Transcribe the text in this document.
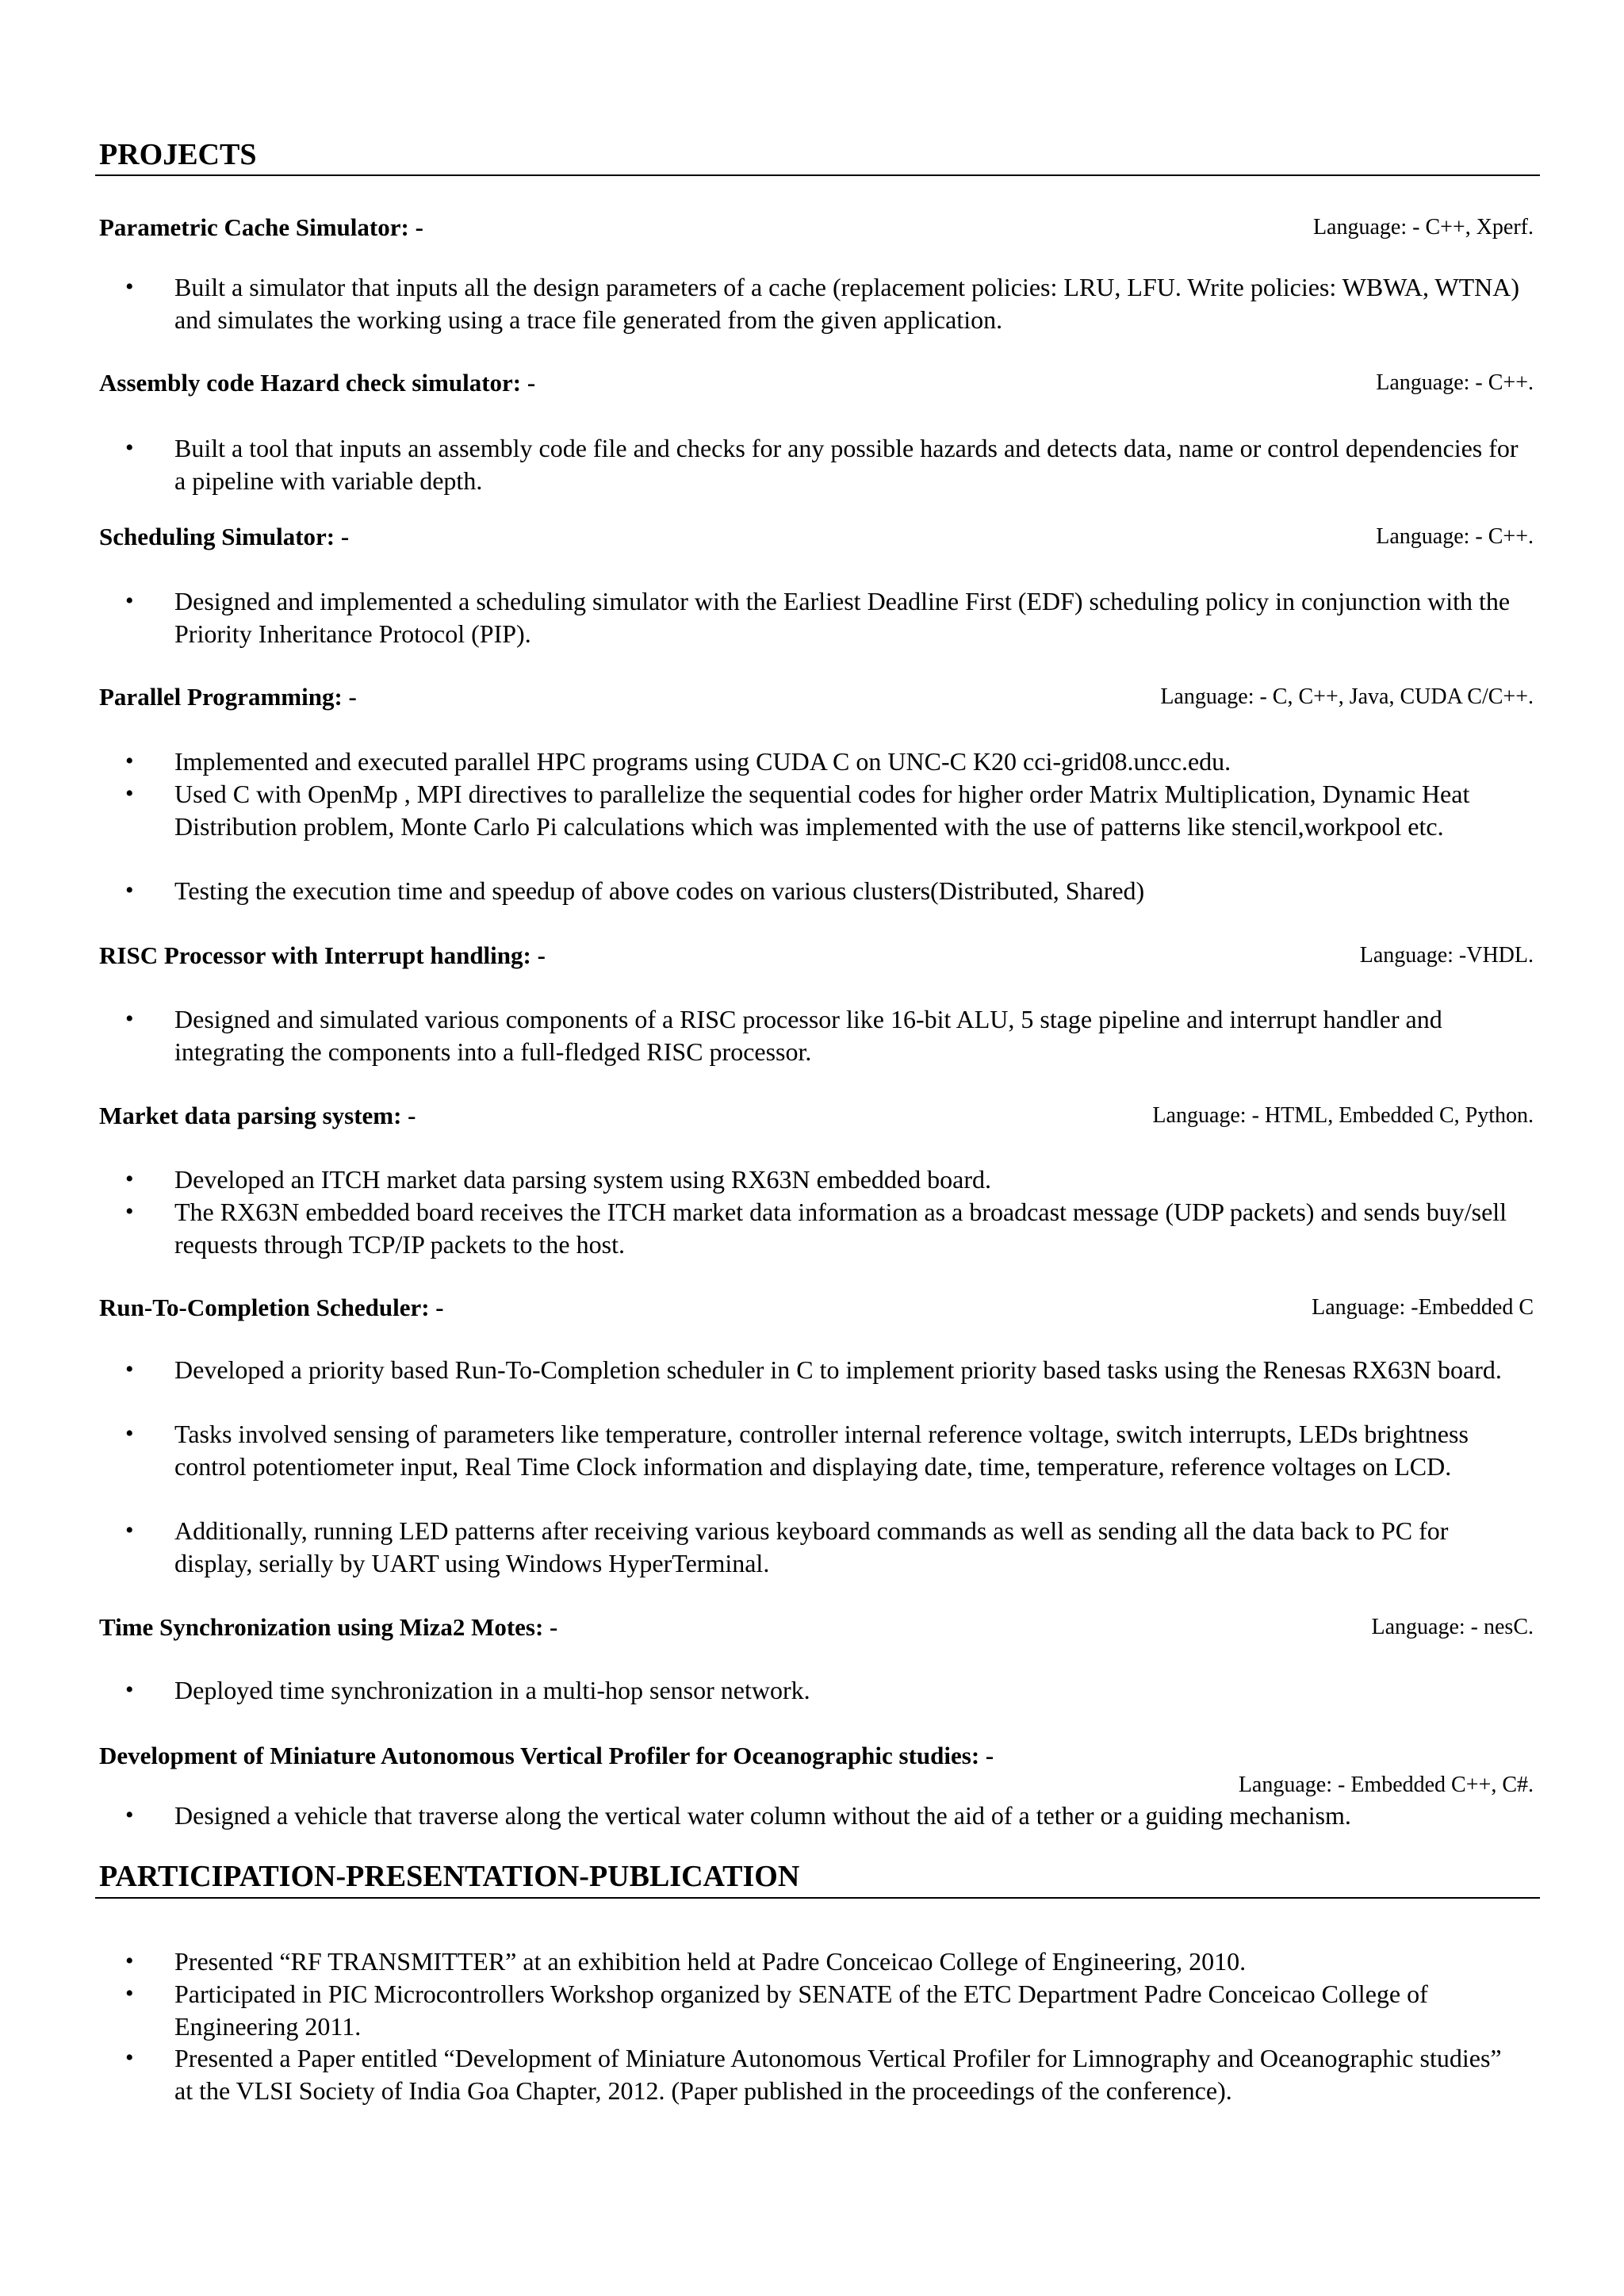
PROJECTS
Parametric Cache Simulator: -	Language: - C++, Xperf.
• Built a simulator that inputs all the design parameters of a cache (replacement policies: LRU, LFU. Write policies: WBWA, WTNA) and simulates the working using a trace file generated from the given application.
Assembly code Hazard check simulator: -	Language: - C++.
• Built a tool that inputs an assembly code file and checks for any possible hazards and detects data, name or control dependencies for a pipeline with variable depth.
Scheduling Simulator: -	Language: - C++.
• Designed and implemented a scheduling simulator with the Earliest Deadline First (EDF) scheduling policy in conjunction with the Priority Inheritance Protocol (PIP).
Parallel Programming: -	Language: - C, C++, Java, CUDA C/C++.
• Implemented and executed parallel HPC programs using CUDA C on UNC-C K20 cci-grid08.uncc.edu.
• Used C with OpenMp , MPI directives to parallelize the sequential codes for higher order Matrix Multiplication, Dynamic Heat Distribution problem, Monte Carlo Pi calculations which was implemented with the use of patterns like stencil,workpool etc.
• Testing the execution time and speedup of above codes on various clusters(Distributed, Shared)
RISC Processor with Interrupt handling: -	Language: -VHDL.
• Designed and simulated various components of a RISC processor like 16-bit ALU, 5 stage pipeline and interrupt handler and integrating the components into a full-fledged RISC processor.
Market data parsing system: -	Language: - HTML, Embedded C, Python.
• Developed an ITCH market data parsing system using RX63N embedded board.
• The RX63N embedded board receives the ITCH market data information as a broadcast message (UDP packets) and sends buy/sell requests through TCP/IP packets to the host.
Run-To-Completion Scheduler: -	Language: -Embedded C
• Developed a priority based Run-To-Completion scheduler in C to implement priority based tasks using the Renesas RX63N board.
• Tasks involved sensing of parameters like temperature, controller internal reference voltage, switch interrupts, LEDs brightness control potentiometer input, Real Time Clock information and displaying date, time, temperature, reference voltages on LCD.
• Additionally, running LED patterns after receiving various keyboard commands as well as sending all the data back to PC for display, serially by UART using Windows HyperTerminal.
Time Synchronization using Miza2 Motes: -	Language: - nesC.
• Deployed time synchronization in a multi-hop sensor network.
Development of Miniature Autonomous Vertical Profiler for Oceanographic studies: -
Language: - Embedded C++, C#.
• Designed a vehicle that traverse along the vertical water column without the aid of a tether or a guiding mechanism.
PARTICIPATION-PRESENTATION-PUBLICATION
• Presented “RF TRANSMITTER” at an exhibition held at Padre Conceicao College of Engineering, 2010.
• Participated in PIC Microcontrollers Workshop organized by SENATE of the ETC Department Padre Conceicao College of Engineering 2011.
• Presented a Paper entitled “Development of Miniature Autonomous Vertical Profiler for Limnography and Oceanographic studies” at the VLSI Society of India Goa Chapter, 2012. (Paper published in the proceedings of the conference).
